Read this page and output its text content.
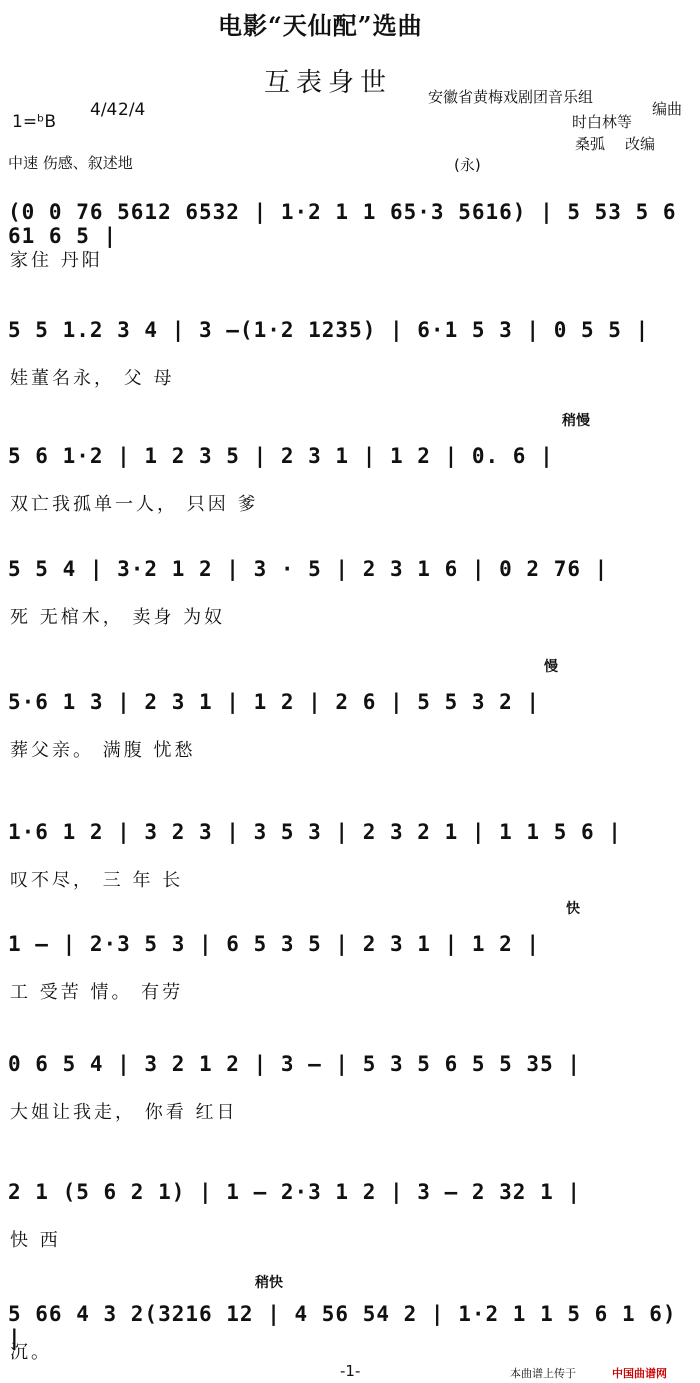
电影“天仙配”选曲
互表身世 安徽省黄梅戏剧团音乐组
编曲
时白林等
桑弧 改编
1=ᵇB
4/4 2/4
中速 伤感、叙述地	(永)
(0 0 76 5612 6532 | 1·2 1 1 65·3 5616) | 5 53 5 6 61 6 5 |
家住 丹阳
5 5 1.2 3 4 | 3 —(1·2 1235) | 6·1 5 3 | 0 5 5 |
娃董名永， 父 母
稍慢
5 6 1·2 | 1 2 3 5 | 2 3 1 | 1 2 | 0. 6 |
双亡我孤单一人， 只因 爹
5 5 4 | 3·2 1 2 | 3 · 5 | 2 3 1 6 | 0 2 76 |
死 无棺木， 卖身 为奴
慢
5·6 1 3 | 2 3 1 | 1 2 | 2 6 | 5 5 3 2 |
葬父亲。 满腹 忧愁
1·6 1 2 | 3 2 3 | 3 5 3 | 2 3 2 1 | 1 1 5 6 |
叹不尽， 三 年 长
快
1 — | 2·3 5 3 | 6 5 3 5 | 2 3 1 | 1 2 |
工 受苦 情。 有劳
0 6 5 4 | 3 2 1 2 | 3 — | 5 3 5 6 5 5 35 |
大姐让我走， 你看 红日
2 1 (5 6 2 1) | 1 — 2·3 1 2 | 3 — 2 32 1 |
快 西
稍快
5 66 4 3 2(3216 12 | 4 56 54 2 | 1·2 1 1 5 6 1 6) |
沉。
-1-	本曲谱上传于	中国曲谱网
